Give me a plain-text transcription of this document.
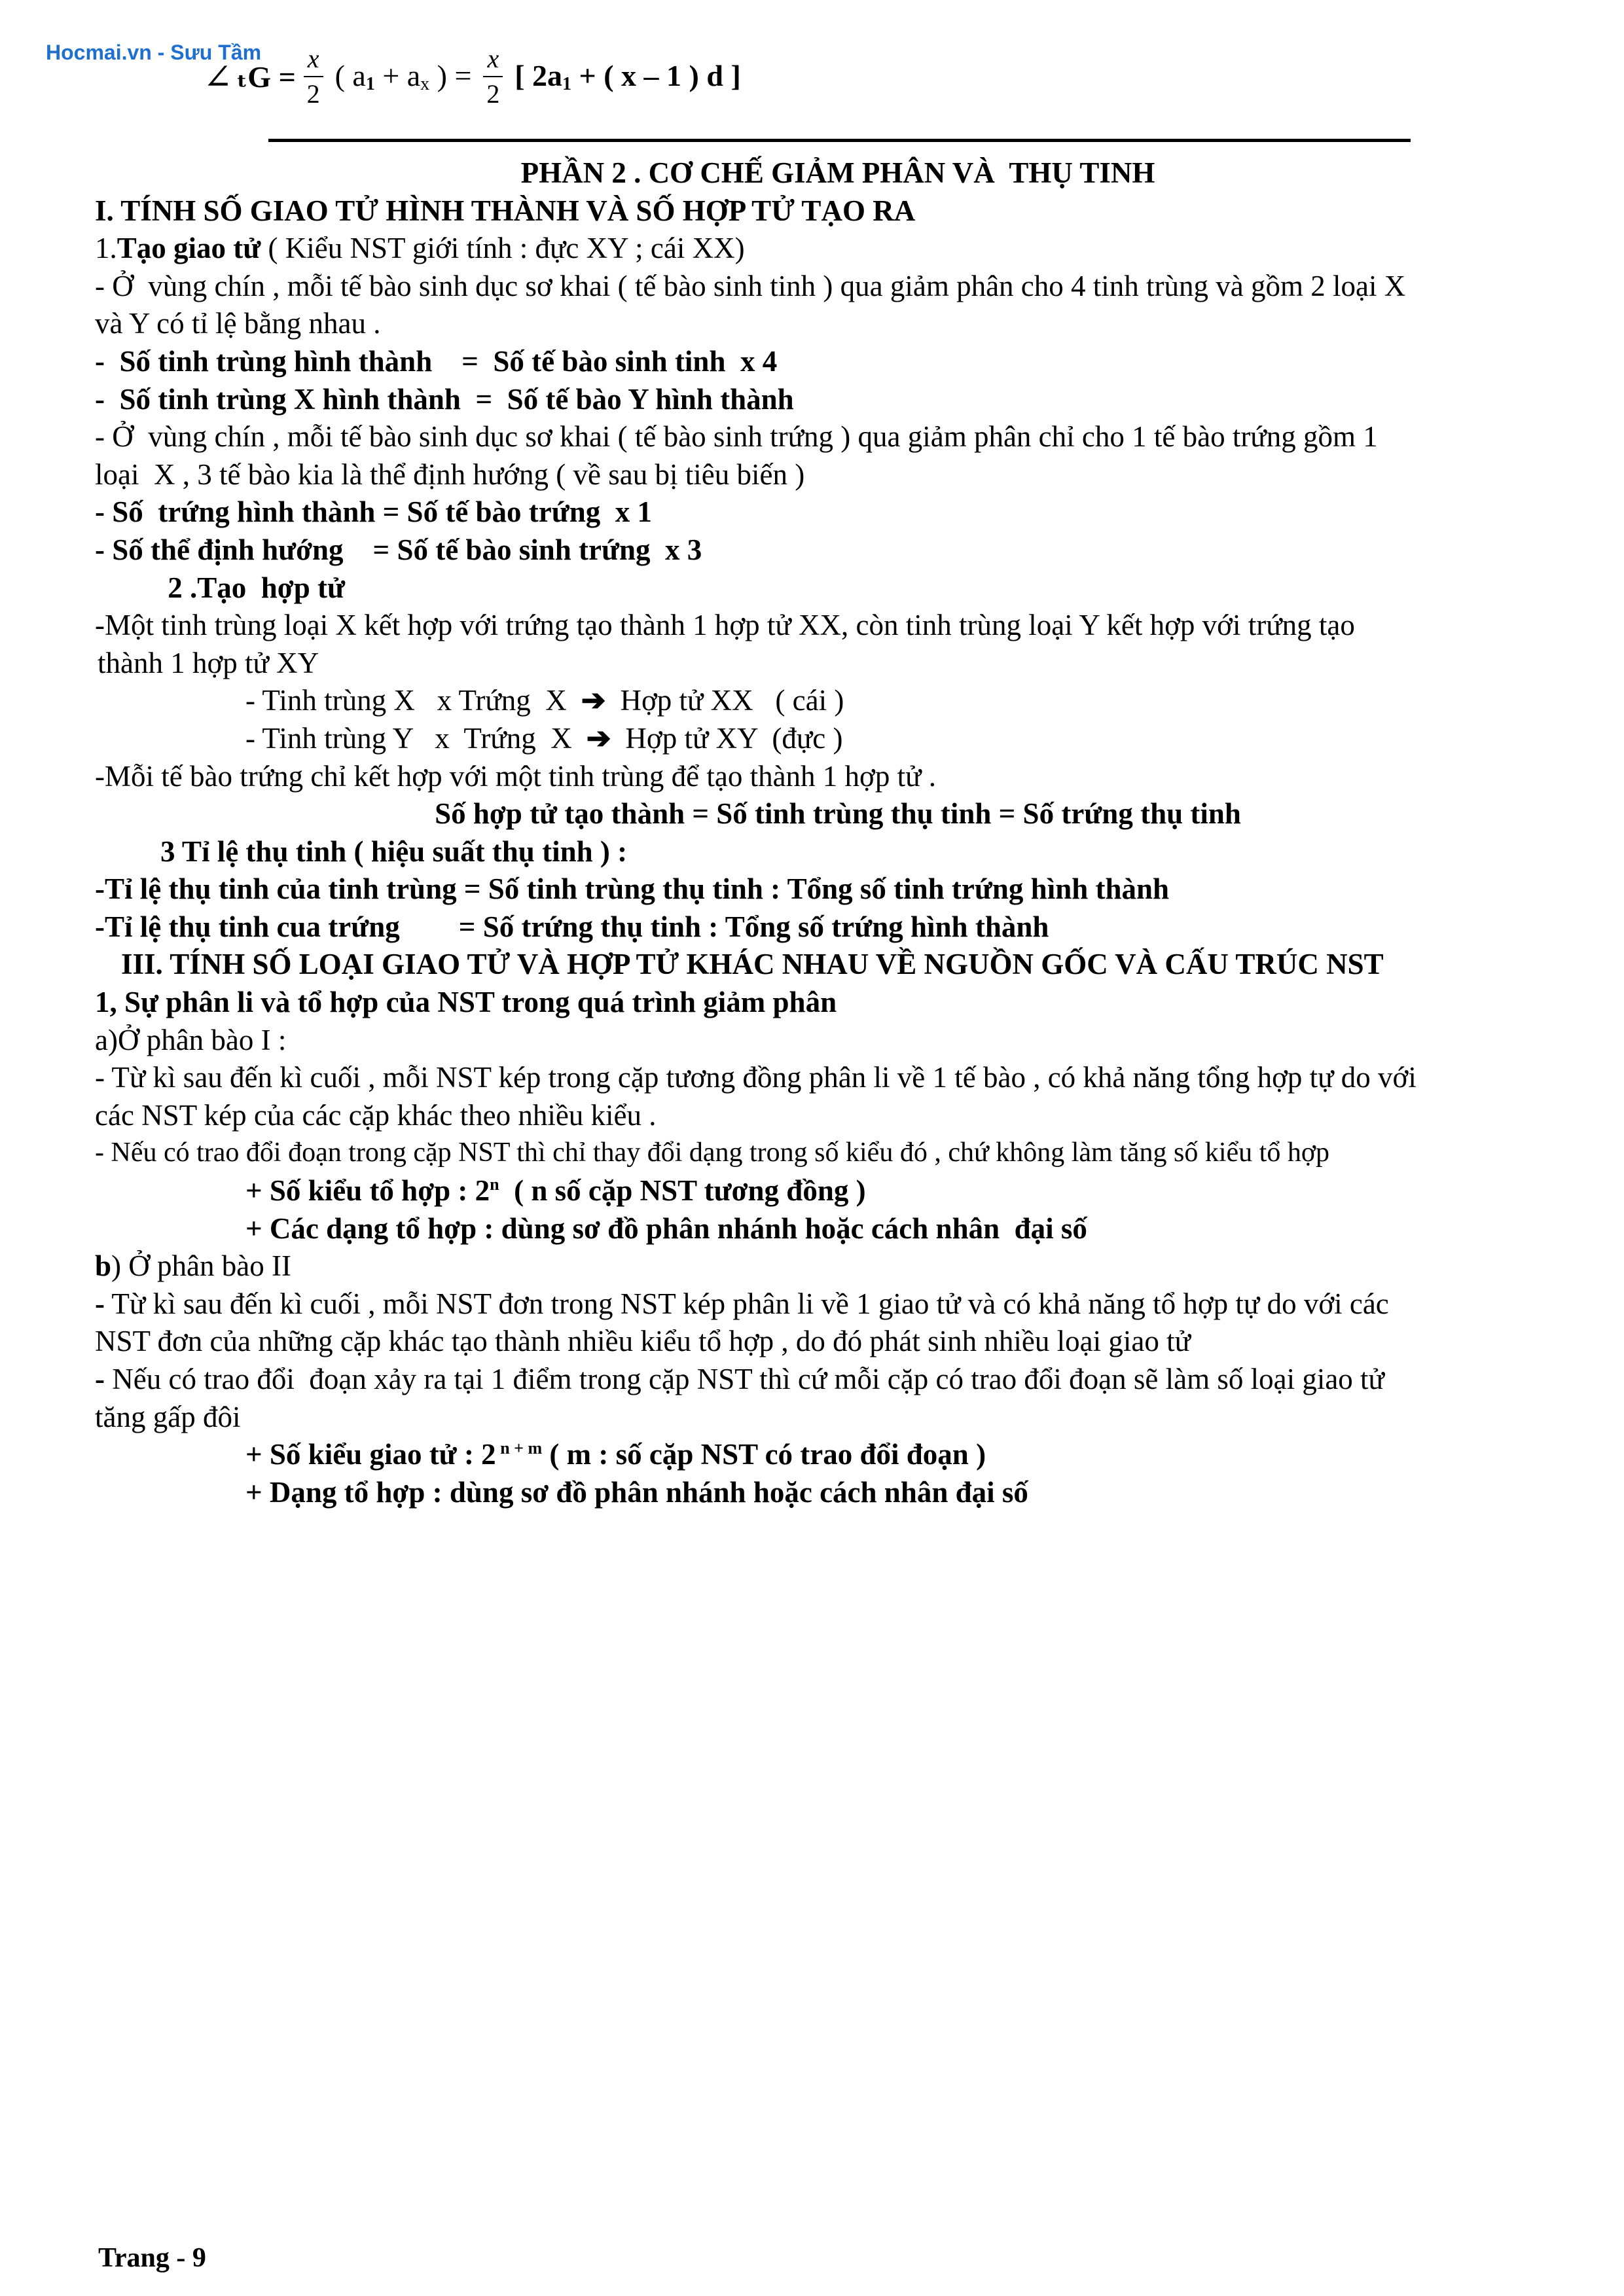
Hocmai.vn - Sưu Tầm
∠ $_tG = \frac{x}{2}$ ( a1 + ax ) = $\frac{x}{2}$ [ 2a1 + ( x – 1 ) d ]

PHẦN 2 . CƠ CHẾ GIẢM PHÂN VÀ  THỤ TINH

I. TÍNH SỐ GIAO TỬ HÌNH THÀNH VÀ SỐ HỢP TỬ TẠO RA

1.Tạo giao tử ( Kiểu NST giới tính : đực XY ; cái XX)

- Ở  vùng chín , mỗi tế bào sinh dục sơ khai ( tế bào sinh tinh ) qua giảm phân cho 4 tinh trùng và gồm 2 loại X

và Y có tỉ lệ bằng nhau .

-  Số tinh trùng hình thành    =  Số tế bào sinh tinh  x 4

-  Số tinh trùng X hình thành  =  Số tế bào Y hình thành

- Ở  vùng chín , mỗi tế bào sinh dục sơ khai ( tế bào sinh trứng ) qua giảm phân chỉ cho 1 tế bào trứng gồm 1

loại  X , 3 tế bào kia là thể định hướng ( về sau bị tiêu biến )

- Số  trứng hình thành = Số tế bào trứng  x 1

- Số thể định hướng    = Số tế bào sinh trứng  x 3

2 .Tạo  hợp tử

-Một tinh trùng loại X kết hợp với trứng tạo thành 1 hợp tử XX, còn tinh trùng loại Y kết hợp với trứng tạo

thành 1 hợp tử XY

- Tinh trùng X   x Trứng  X ➔ Hợp tử XX   ( cái )

- Tinh trùng Y   x  Trứng  X ➔ Hợp tử XY  (đực )

-Mỗi tế bào trứng chỉ kết hợp với một tinh trùng để tạo thành 1 hợp tử .

Số hợp tử tạo thành = Số tinh trùng thụ tinh = Số trứng thụ tinh

3 Tỉ lệ thụ tinh ( hiệu suất thụ tinh ) :

-Tỉ lệ thụ tinh của tinh trùng = Số tinh trùng thụ tinh : Tổng số tinh trứng hình thành

-Tỉ lệ thụ tinh cua trứng        = Số trứng thụ tinh : Tổng số trứng hình thành

III. TÍNH SỐ LOẠI GIAO TỬ VÀ HỢP TỬ KHÁC NHAU VỀ NGUỒN GỐC VÀ CẤU TRÚC NST

1, Sự phân li và tổ hợp của NST trong quá trình giảm phân

a)Ở phân bào I :

- Từ kì sau đến kì cuối , mỗi NST kép trong cặp tương đồng phân li về 1 tế bào , có khả năng tổng hợp tự do với

các NST kép của các cặp khác theo nhiều kiểu .

- Nếu có trao đổi đoạn trong cặp NST thì chỉ thay đổi dạng trong số kiểu đó , chứ không làm tăng số kiểu tổ hợp

+ Số kiểu tổ hợp : 2$^n$  ( n số cặp NST tương đồng )

+ Các dạng tổ hợp : dùng sơ đồ phân nhánh hoặc cách nhân  đại số

b) Ở phân bào II

- Từ kì sau đến kì cuối , mỗi NST đơn trong NST kép phân li về 1 giao tử và có khả năng tổ hợp tự do với các

NST đơn của những cặp khác tạo thành nhiều kiểu tổ hợp , do đó phát sinh nhiều loại giao tử

- Nếu có trao đổi  đoạn xảy ra tại 1 điểm trong cặp NST thì cứ mỗi cặp có trao đổi đoạn sẽ làm số loại giao tử

tăng gấp đôi

+ Số kiểu giao tử : 2 $^{n + m}$ ( m : số cặp NST có trao đổi đoạn )

+ Dạng tổ hợp : dùng sơ đồ phân nhánh hoặc cách nhân đại số

Trang - 9
